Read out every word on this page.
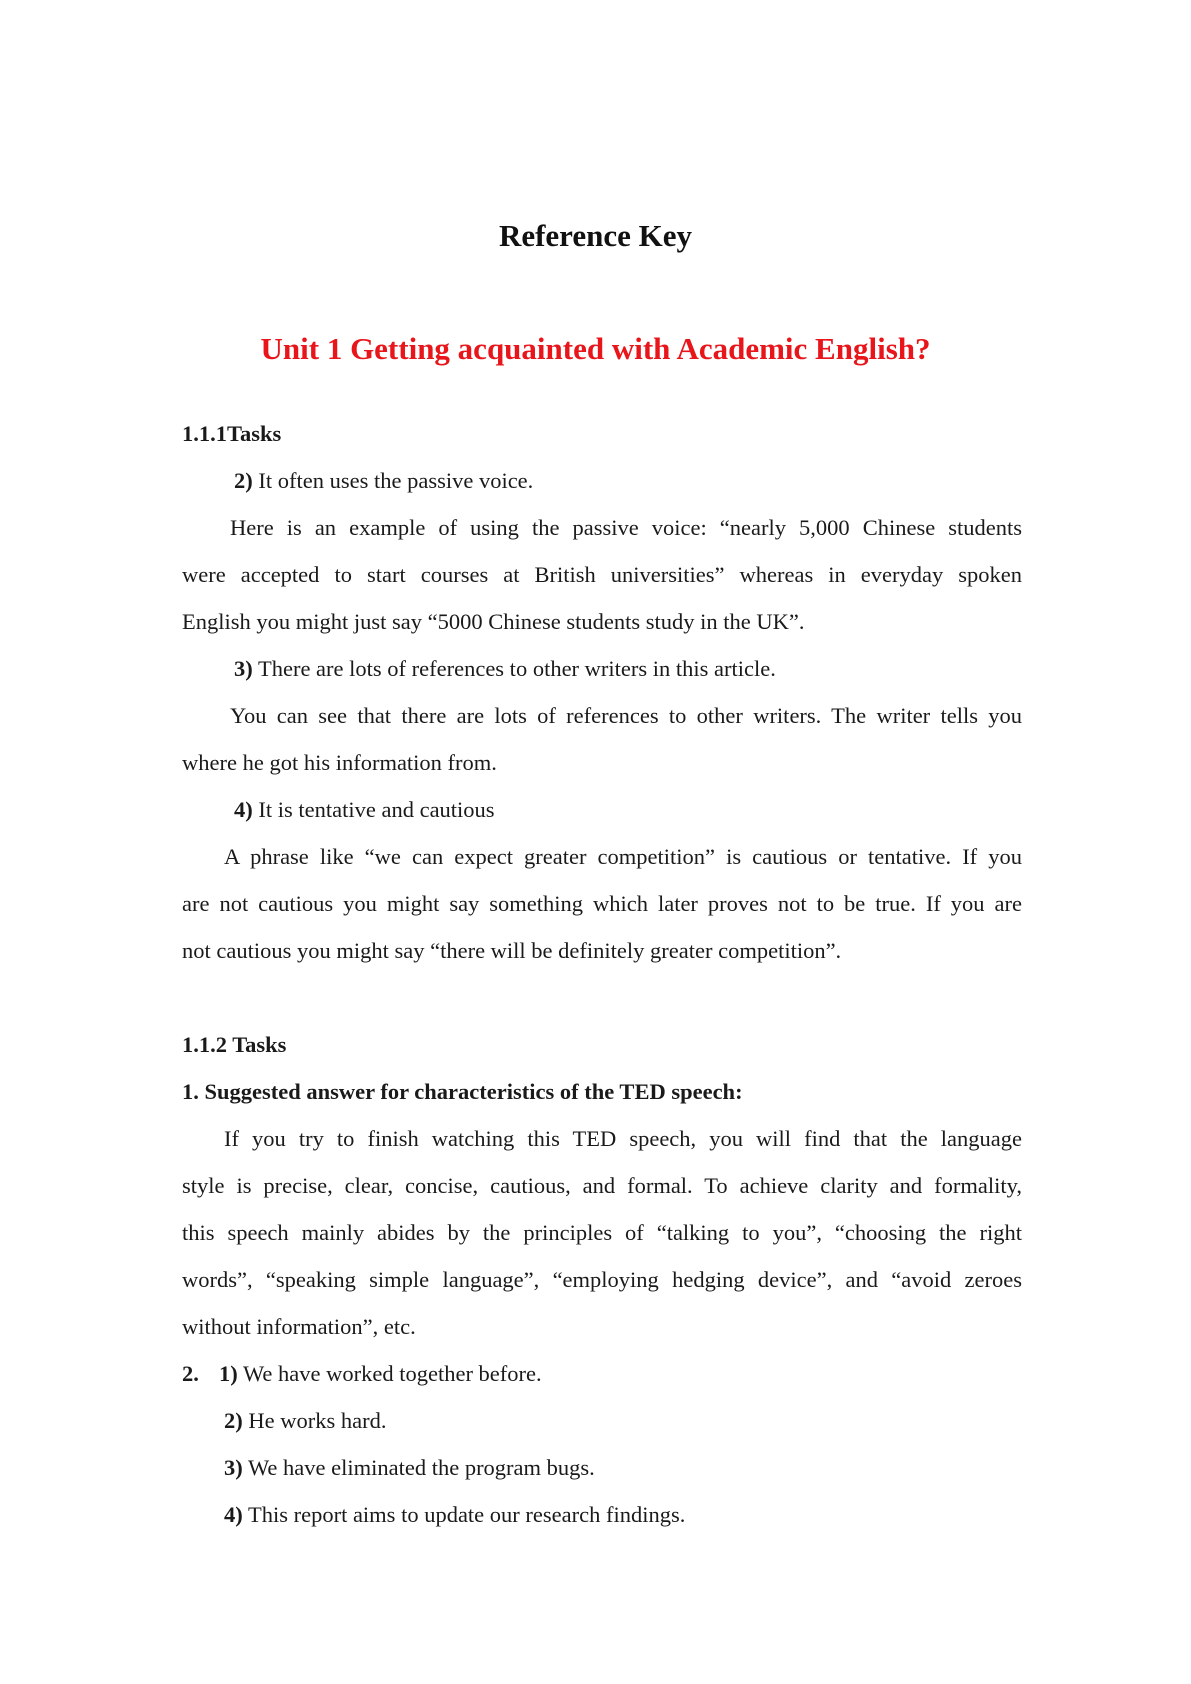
Reference Key
Unit 1 Getting acquainted with Academic English?
1.1.1Tasks
2) It often uses the passive voice.
Here is an example of using the passive voice: “nearly 5,000 Chinese students
were accepted to start courses at British universities” whereas in everyday spoken
English you might just say “5000 Chinese students study in the UK”.
3) There are lots of references to other writers in this article.
You can see that there are lots of references to other writers. The writer tells you
where he got his information from.
4) It is tentative and cautious
A phrase like “we can expect greater competition” is cautious or tentative. If you
are not cautious you might say something which later proves not to be true. If you are
not cautious you might say “there will be definitely greater competition”.
1.1.2 Tasks
1. Suggested answer for characteristics of the TED speech:
If you try to finish watching this TED speech, you will find that the language
style is precise, clear, concise, cautious, and formal. To achieve clarity and formality,
this speech mainly abides by the principles of “talking to you”, “choosing the right
words”, “speaking simple language”, “employing hedging device”, and “avoid zeroes
without information”, etc.
2. 1) We have worked together before.
2) He works hard.
3) We have eliminated the program bugs.
4) This report aims to update our research findings.
